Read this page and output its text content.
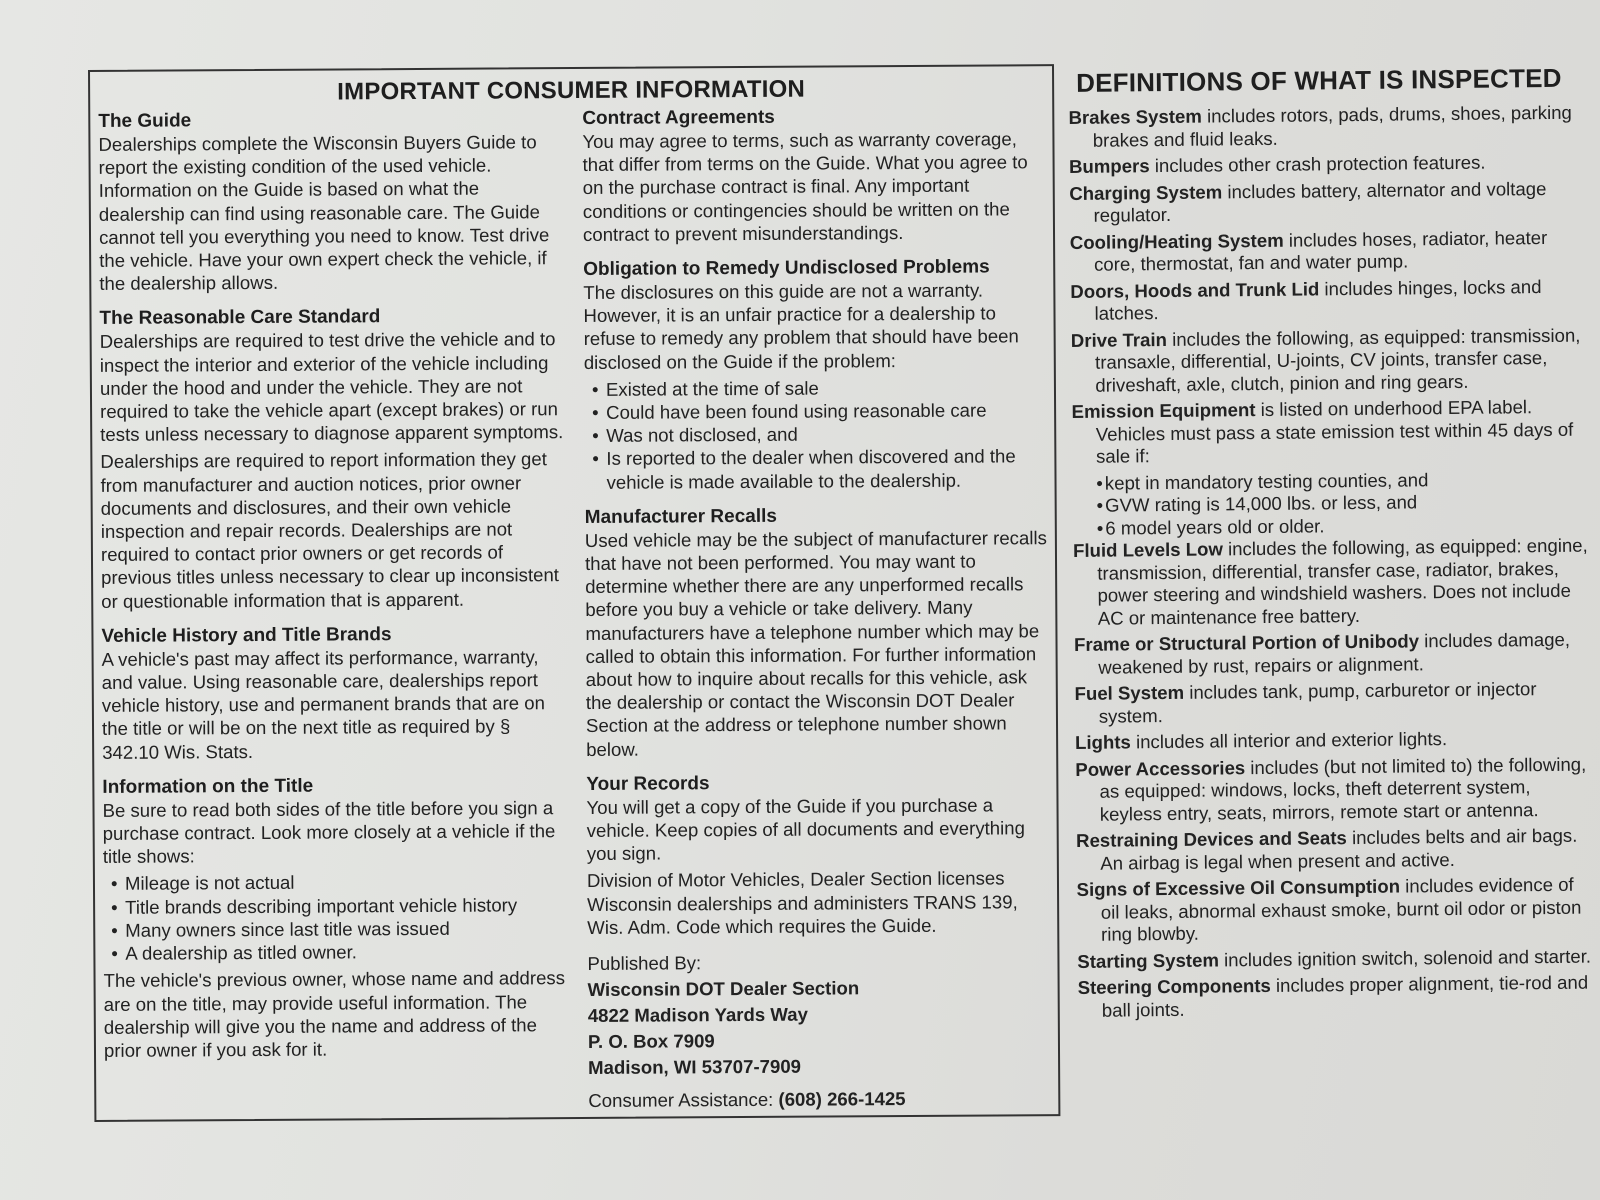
IMPORTANT CONSUMER INFORMATION

The Guide

Dealerships complete the Wisconsin Buyers Guide to report the existing condition of the used vehicle. Information on the Guide is based on what the dealership can find using reasonable care. The Guide cannot tell you everything you need to know. Test drive the vehicle. Have your own expert check the vehicle, if the dealership allows.

The Reasonable Care Standard

Dealerships are required to test drive the vehicle and to inspect the interior and exterior of the vehicle including under the hood and under the vehicle. They are not required to take the vehicle apart (except brakes) or run tests unless necessary to diagnose apparent symptoms.

Dealerships are required to report information they get from manufacturer and auction notices, prior owner documents and disclosures, and their own vehicle inspection and repair records. Dealerships are not required to contact prior owners or get records of previous titles unless necessary to clear up inconsistent or questionable information that is apparent.

Vehicle History and Title Brands

A vehicle's past may affect its performance, warranty, and value. Using reasonable care, dealerships report vehicle history, use and permanent brands that are on the title or will be on the next title as required by § 342.10 Wis. Stats.

Information on the Title

Be sure to read both sides of the title before you sign a purchase contract. Look more closely at a vehicle if the title shows:

• Mileage is not actual
• Title brands describing important vehicle history
• Many owners since last title was issued
• A dealership as titled owner.

The vehicle's previous owner, whose name and address are on the title, may provide useful information. The dealership will give you the name and address of the prior owner if you ask for it.

Contract Agreements

You may agree to terms, such as warranty coverage, that differ from terms on the Guide. What you agree to on the purchase contract is final. Any important conditions or contingencies should be written on the contract to prevent misunderstandings.

Obligation to Remedy Undisclosed Problems

The disclosures on this guide are not a warranty. However, it is an unfair practice for a dealership to refuse to remedy any problem that should have been disclosed on the Guide if the problem:

• Existed at the time of sale
• Could have been found using reasonable care
• Was not disclosed, and
• Is reported to the dealer when discovered and the vehicle is made available to the dealership.

Manufacturer Recalls

Used vehicle may be the subject of manufacturer recalls that have not been performed. You may want to determine whether there are any unperformed recalls before you buy a vehicle or take delivery. Many manufacturers have a telephone number which may be called to obtain this information. For further information about how to inquire about recalls for this vehicle, ask the dealership or contact the Wisconsin DOT Dealer Section at the address or telephone number shown below.

Your Records

You will get a copy of the Guide if you purchase a vehicle. Keep copies of all documents and everything you sign.

Division of Motor Vehicles, Dealer Section licenses Wisconsin dealerships and administers TRANS 139, Wis. Adm. Code which requires the Guide.

Published By:

Wisconsin DOT Dealer Section

4822 Madison Yards Way

P. O. Box 7909

Madison, WI 53707-7909

Consumer Assistance: (608) 266-1425

DEFINITIONS OF WHAT IS INSPECTED

Brakes System includes rotors, pads, drums, shoes, parking brakes and fluid leaks.

Bumpers includes other crash protection features.

Charging System includes battery, alternator and voltage regulator.

Cooling/Heating System includes hoses, radiator, heater core, thermostat, fan and water pump.

Doors, Hoods and Trunk Lid includes hinges, locks and latches.

Drive Train includes the following, as equipped: transmission, transaxle, differential, U-joints, CV joints, transfer case, driveshaft, axle, clutch, pinion and ring gears.

Emission Equipment is listed on underhood EPA label. Vehicles must pass a state emission test within 45 days of sale if:

• kept in mandatory testing counties, and

• GVW rating is 14,000 lbs. or less, and

• 6 model years old or older.

Fluid Levels Low includes the following, as equipped: engine, transmission, differential, transfer case, radiator, brakes, power steering and windshield washers. Does not include AC or maintenance free battery.

Frame or Structural Portion of Unibody includes damage, weakened by rust, repairs or alignment.

Fuel System includes tank, pump, carburetor or injector system.

Lights includes all interior and exterior lights.

Power Accessories includes (but not limited to) the following, as equipped: windows, locks, theft deterrent system, keyless entry, seats, mirrors, remote start or antenna.

Restraining Devices and Seats includes belts and air bags. An airbag is legal when present and active.

Signs of Excessive Oil Consumption includes evidence of oil leaks, abnormal exhaust smoke, burnt oil odor or piston ring blowby.

Starting System includes ignition switch, solenoid and starter.

Steering Components includes proper alignment, tie-rod and ball joints.
